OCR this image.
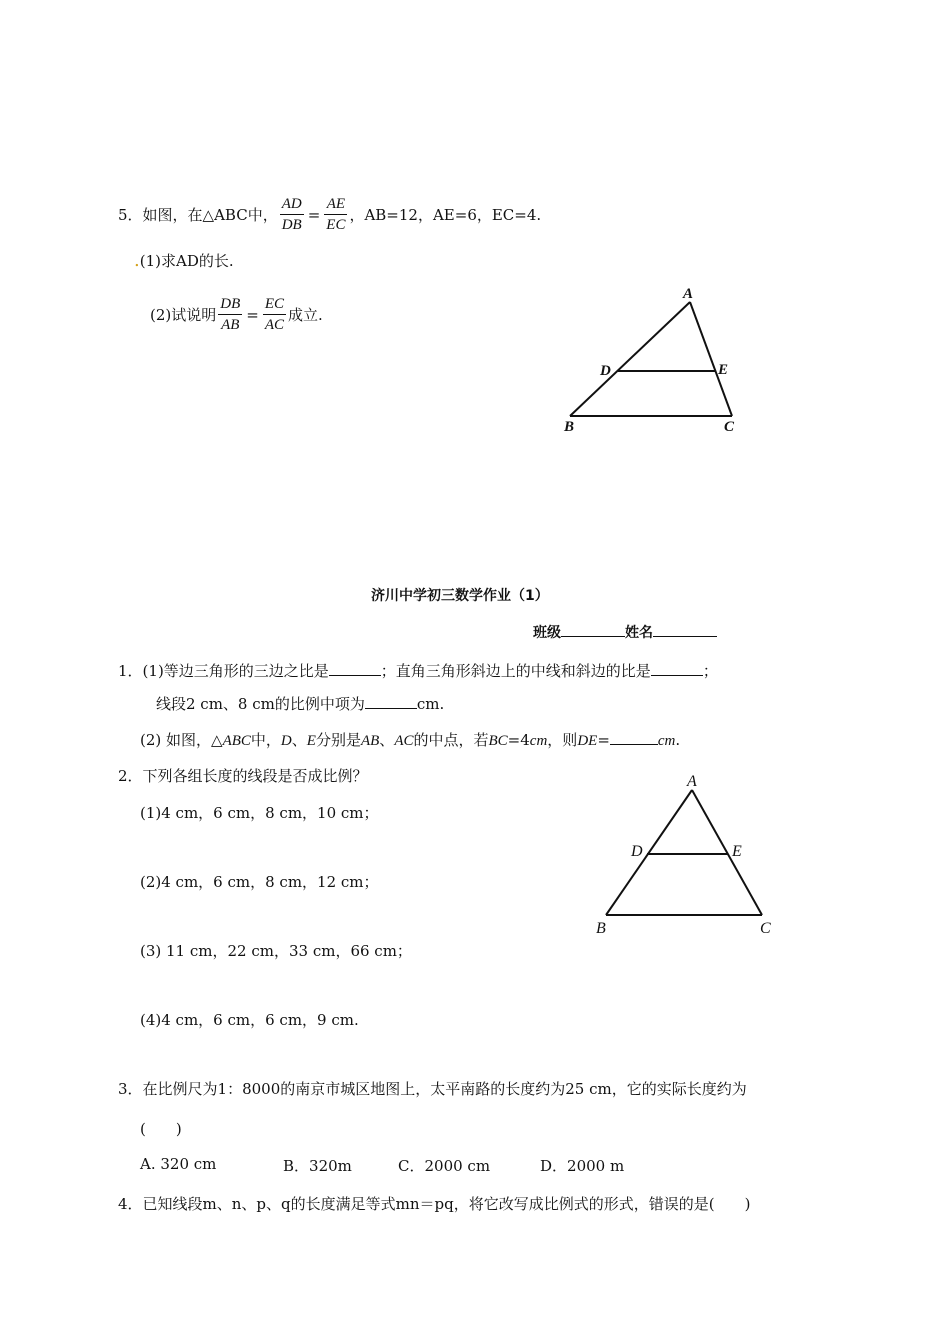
5．如图，在△ABC中， $\frac{AD}{DB} = \frac{AE}{EC}$ ，AB=12，AE=6，EC=4.
.(1)求AD的长.
(2)试说明 $\frac{DB}{AB} = \frac{EC}{AC}$ 成立.
A
D	E
B	C
济川中学初三数学作业（1）
班级	姓名
1．(1)等边三角形的三边之比是	；直角三角形斜边上的中线和斜边的比是	；
线段2 cm、8 cm的比例中项为	cm.
(2) 如图，△ABC中，D、E分别是AB、AC的中点，若BC=4cm，则DE=	cm.
2．下列各组长度的线段是否成比例？
(1)4 cm，6 cm，8 cm，10 cm；
(2)4 cm，6 cm，8 cm，12 cm；
(3) 11 cm，22 cm，33 cm，66 cm；
(4)4 cm，6 cm，6 cm，9 cm.
A
D	E
B	C
3．在比例尺为1：8000的南京市城区地图上，太平南路的长度约为25 cm，它的实际长度约为
(　　)
A. 320 cm	B．320m	C．2000 cm	D．2000 m
4．已知线段m、n、p、q的长度满足等式mn＝pq，将它改写成比例式的形式，错误的是(　　)
